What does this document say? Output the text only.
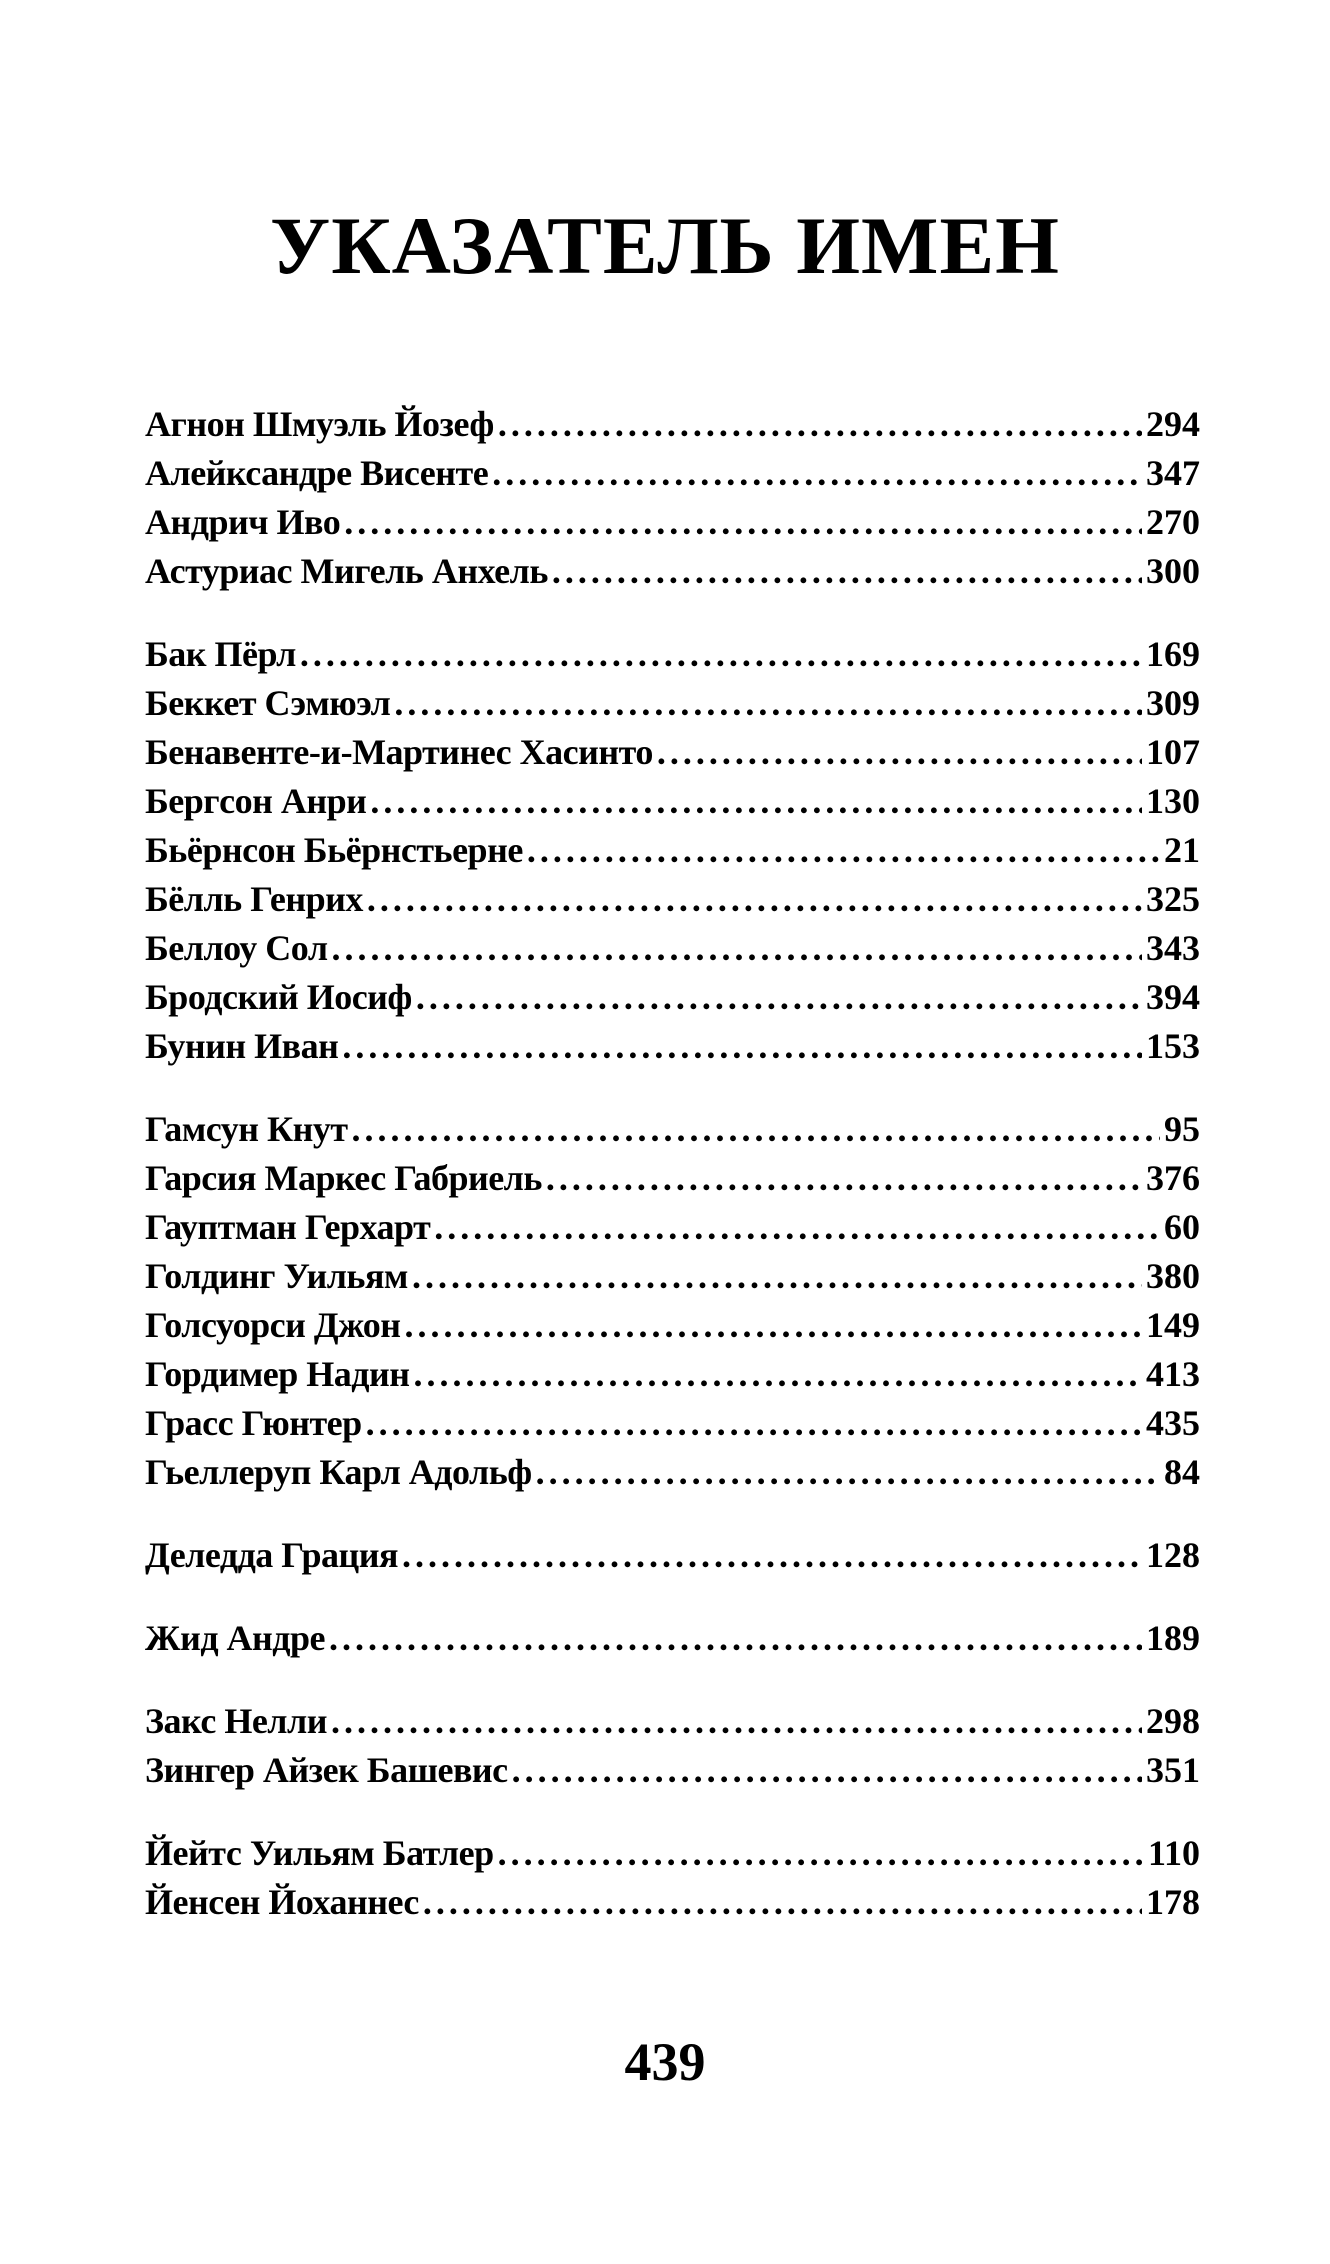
УКАЗАТЕЛЬ ИМЕН
Агнон Шмуэль Йозеф .....	294
Алейксандре Висенте .....	347
Андрич Иво .....	270
Астуриас Мигель Анхель .....	300
Бак Пёрл .....	169
Беккет Сэмюэл .....	309
Бенавенте-и-Мартинес Хасинто .....	107
Бергсон Анри .....	130
Бьёрнсон Бьёрнстьерне .....	21
Бёлль Генрих .....	325
Беллоу Сол .....	343
Бродский Иосиф .....	394
Бунин Иван .....	153
Гамсун Кнут .....	95
Гарсия Маркес Габриель .....	376
Гауптман Герхарт .....	60
Голдинг Уильям .....	380
Голсуорси Джон .....	149
Гордимер Надин .....	413
Грасс Гюнтер .....	435
Гьеллеруп Карл Адольф .....	84
Деледда Грация .....	128
Жид Андре .....	189
Закс Нелли .....	298
Зингер Айзек Башевис .....	351
Йейтс Уильям Батлер .....	110
Йенсен Йоханнес .....	178
439
